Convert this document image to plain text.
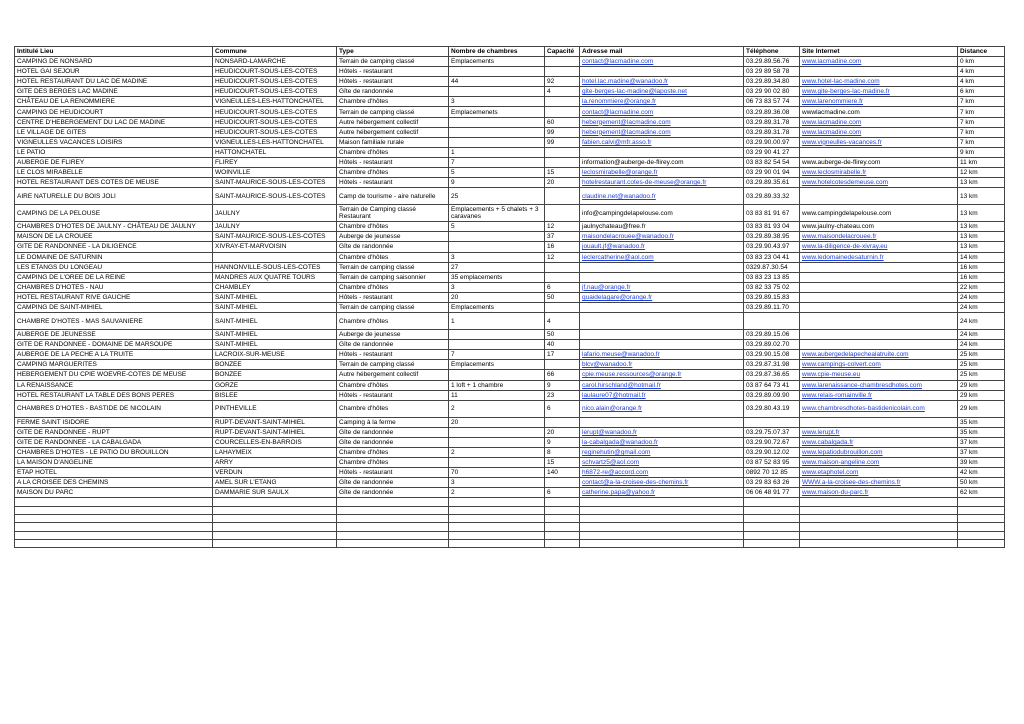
Intitulé Lieu	Commune	Type	Nombre de chambres	Capacité	Adresse mail	Téléphone	Site Internet	Distance
CAMPING DE NONSARD	NONSARD-LAMARCHE	Terrain de camping classé	Emplacements		contact@lacmadine.com	03.29.89.56.76	www.lacmadine.com	0 km
HOTEL GAI SEJOUR	HEUDICOURT-SOUS-LES-COTES	Hôtels - restaurant				03 29 89 58 78		4 km
HOTEL RESTAURANT DU LAC DE MADINE	HEUDICOURT-SOUS-LES-COTES	Hôtels - restaurant	44	92	hotel.lac.madine@wanadoo.fr	03.29.89.34.80	www.hotel-lac-madine.com	4 km
GITE DES BERGES LAC MADINE	HEUDICOURT-SOUS-LES-COTES	Gîte de randonnée		4	gite-berges-lac-madine@laposte.net	03 29 90 02 80	www.gite-berges-lac-madine.fr	6 km
CHÂTEAU DE LA RENOMMIERE	VIGNEULLES-LES-HATTONCHATEL	Chambre d'hôtes	3		la.renommiere@orange.fr	06 73 83 57 74	www.larenommiere.fr	7 km
CAMPING DE HEUDICOURT	HEUDICOURT-SOUS-LES-COTES	Terrain de camping classé	Emplacemenets		contact@lacmadine.com	03.29.89.36.08	wwwlacmadine.com	7 km
CENTRE D'HEBERGEMENT DU LAC DE MADINE	HEUDICOURT-SOUS-LES-COTES	Autre hébergement collectif		60	hebergement@lacmadine.com	03.29.89.31.78	www.lacmadine.com	7 km
LE VILLAGE DE GITES	HEUDICOURT-SOUS-LES-COTES	Autre hébergement collectif		99	hebergement@lacmadine.com	03.29.89.31.78	www.lacmadine.com	7 km
VIGNEULLES VACANCES LOISIRS	VIGNEULLES-LES-HATTONCHATEL	Maison familiale rurale		99	fabien.calvi@mfr.asso.fr	03.29.90.00.97	www.vigneulles-vacances.fr	7 km
LE PATIO	HATTONCHATEL	Chambre d'hôtes	1			03 29 90 41 27		9 km
AUBERGE DE FLIREY	FLIREY	Hôtels - restaurant	7		information@auberge-de-flirey.com	03 83 82 54 54	www.auberge-de-flirey.com	11 km
LE CLOS MIRABELLE	WOINVILLE	Chambre d'hôtes	5	15	leclosmirabelle@orange.fr	03 29 90 01 94	www.leclosmirabelle.fr	12 km
HOTEL RESTAURANT DES COTES DE MEUSE	SAINT-MAURICE-SOUS-LES-COTES	Hôtels - restaurant	9	20	hotelrestaurant.cotes-de-meuse@orange.fr	03.29.89.35.61	www.hotelcotesdemeuse.com	13 km
AIRE NATURELLE DU BOIS JOLI	SAINT-MAURICE-SOUS-LES-COTES	Camp de tourisme - aire naturelle	25		claudine.net@wanadoo.fr	03.29.89.33.32		13 km
CAMPING DE LA PELOUSE	JAULNY	Terrain de Camping classé Restaurant	Emplacements + 5 chalets + 3 caravanes		info@campingdelapelouse.com	03 83 81 91 67	www.campingdelapelouse.com	13 km
CHAMBRES D'HOTES DE JAULNY - CHÂTEAU DE JAULNY	JAULNY	Chambre d'hôtes	5	12	jaulnychateau@free.fr	03 83 81 93 04	www.jaulny-chateau.com	13 km
MAISON DE LA CROUEE	SAINT-MAURICE-SOUS-LES-COTES	Auberge de jeunesse		37	maisondelacrouee@wanadoo.fr	03.29.89.38.95	www.maisondelacrouee.fr	13 km
GITE DE RANDONNEE - LA DILIGENCE	XIVRAY-ET-MARVOISIN	Gîte de randonnée		16	jouault.jf@wanadoo.fr	03.29.90.43.97	www.la-diligence-de-xivray.eu	13 km
LE DOMAINE DE SATURNIN		Chambre d'hôtes	3	12	leclercatherine@aol.com	03 83 23 04 41	www.ledomainedesaturnin.fr	14 km
LES ETANGS DU LONGEAU	HANNONVILLE-SOUS-LES-COTES	Terrain de camping classé	27			0329.87.30.54		16 km
CAMPING DE L'OREE DE LA REINE	MANDRES AUX QUATRE TOURS	Terrain de camping saisonnier	35 emplacements			03 83 23 13 85		16 km
CHAMBRES D'HOTES - NAU	CHAMBLEY	Chambre d'hôtes	3	6	jf.nau@orange.fr	03 82 33 75 02		22 km
HOTEL RESTAURANT RIVE GAUCHE	SAINT-MIHIEL	Hôtels - restaurant	20	50	quaidelagare@orange.fr	03.29.89.15.83		24 km
CAMPING DE SAINT-MIHIEL	SAINT-MIHIEL	Terrain de camping classé	Emplacements			03.29.89.11.70		24 km
CHAMBRE D'HOTES - MAS SAUVANIERE	SAINT-MIHIEL	Chambre d'hôtes	1	4				24 km
AUBERGE DE JEUNESSE	SAINT-MIHIEL	Auberge de jeunesse		50		03.29.89.15.06		24 km
GITE DE RANDONNEE - DOMAINE DE MARSOUPE	SAINT-MIHIEL	Gîte de randonnée		40		03.29.89.02.70		24 km
AUBERGE DE LA PECHE A LA TRUITE	LACROIX-SUR-MEUSE	Hôtels - restaurant	7	17	lafario.meuse@wanadoo.fr	03.29.90.15.08	www.aubergedelapechealatruite.com	25 km
CAMPING MARGUERITES	BONZEE	Terrain de camping classé	Emplacements		blcv@wanadoo.fr	03.29.87.31.98	www.campings-colvert.com	25 km
HEBERGEMENT DU CPIE WOEVRE-COTES DE MEUSE	BONZEE	Autre hébergement collectif		66	cpie.meuse.ressources@orange.fr	03.29.87.36.65	www.cpie-meuse.eu	25 km
LA RENAISSANCE	GORZE	Chambre d'hôtes	1 loft + 1 chambre	9	carol.hirschland@hotmail.fr	03 87 64 73 41	www.larenaissance-chambresdhotes.com	29 km
HOTEL RESTAURANT LA TABLE DES BONS PERES	BISLEE	Hôtels - restaurant	11	23	laulaure07@hotmail.fr	03.29.89.09.90	www.relais-romainville.fr	29 km
CHAMBRES D'HOTES - BASTIDE DE NICOLAIN	PINTHEVILLE	Chambre d'hôtes	2	6	nico.alain@orange.fr	03.29.80.43.19	www.chambresdhotes-bastidenicolain.com	29 km
FERME SAINT ISIDORE	RUPT-DEVANT-SAINT-MIHIEL	Camping à la ferme	20					35 km
GITE DE RANDONNEE - RUPT	RUPT-DEVANT-SAINT-MIHIEL	Gîte de randonnée		20	lerupt@wanadoo.fr	03.29.75.07.37	www.lerupt.fr	35 km
GITE DE RANDONNEE - LA CABALGADA	COURCELLES-EN-BARROIS	Gîte de randonnée		9	la-cabalgada@wanadoo.fr	03.29.90.72.67	www.cabalgada.fr	37 km
CHAMBRES D'HOTES - LE PATIO DU BROUILLON	LAHAYMEIX	Chambre d'hôtes	2	8	reginehutin@gmail.com	03.29.90.12.02	www.lepatiodubrouillon.com	37 km
LA MAISON D'ANGELINE	ARRY	Chambre d'hôtes		15	schvartz5@aol.com	03 87 52 83 95	www.maison-angeline.com	39 km
ETAP HOTEL	VERDUN	Hôtels - restaurant	70	140	h6872-re@accord.com	0892 70 12 85	www.etaphotel.com	42 km
A LA CROISEE DES CHEMINS	AMEL SUR L'ETANG	Gîte de randonnée	3		contact@a-la-croisee-des-chemins.fr	03 29 83 63 26	WWW.a-la-croisee-des-chemins.fr	50 km
MAISON DU PARC	DAMMARIE SUR SAULX	Gîte de randonnée	2	6	catherine.papa@yahoo.fr	06 06 48 91 77	www.maison-du-parc.fr	62 km
